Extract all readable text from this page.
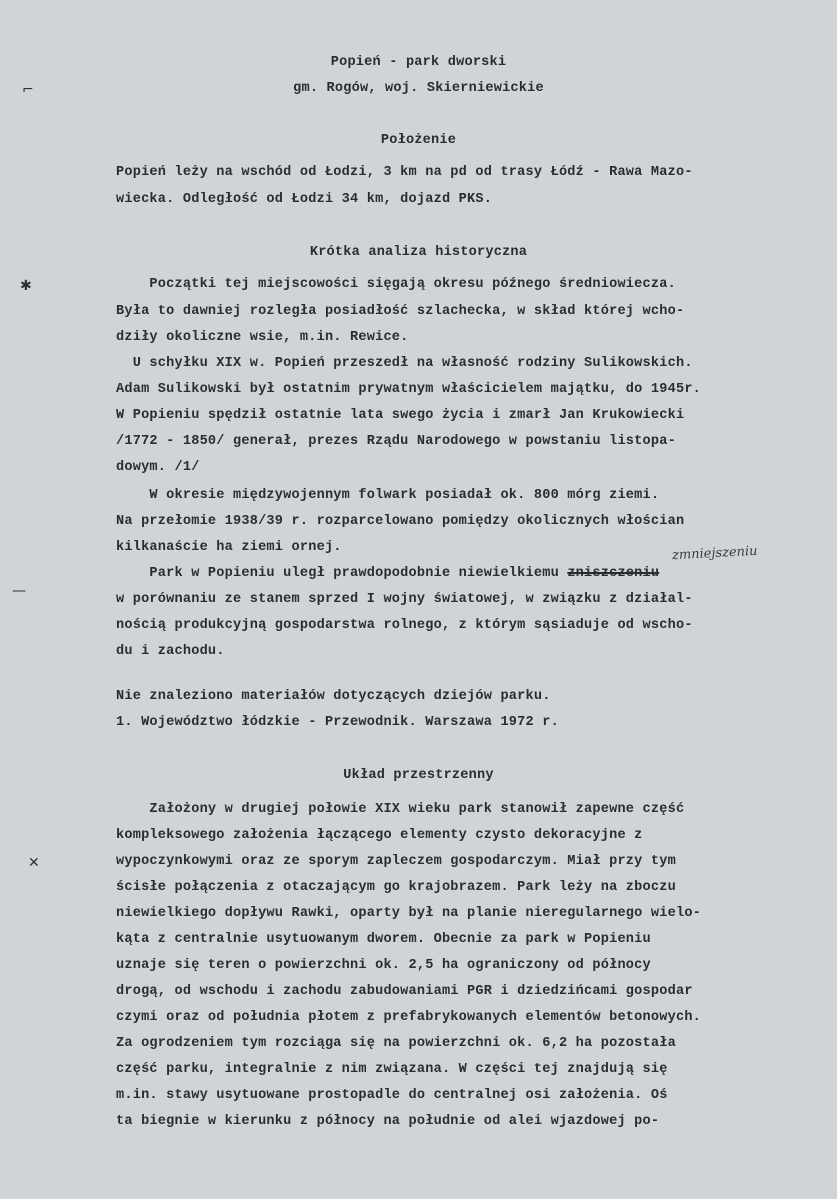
⌐
✱
—
✕
Popień - park dworski
gm. Rogów, woj. Skierniewickie
Położenie
Popień leży na wschód od Łodzi, 3 km na pd od trasy Łódź - Rawa Mazo-
wiecka. Odległość od Łodzi 34 km, dojazd PKS.
Krótka analiza historyczna
Początki tej miejscowości sięgają okresu późnego średniowiecza.
Była to dawniej rozległa posiadłość szlachecka, w skład której wcho-
dziły okoliczne wsie, m.in. Rewice.
U schyłku XIX w. Popień przeszedł na własność rodziny Sulikowskich.
Adam Sulikowski był ostatnim prywatnym właścicielem majątku, do 1945r.
W Popieniu spędził ostatnie lata swego życia i zmarł Jan Krukowiecki
/1772 - 1850/ generał, prezes Rządu Narodowego w powstaniu listopa-
dowym. /1/
W okresie międzywojennym folwark posiadał ok. 800 mórg ziemi.
Na przełomie 1938/39 r. rozparcelowano pomiędzy okolicznych włościan
kilkanaście ha ziemi ornej.	zmniejszeniu
Park w Popieniu uległ prawdopodobnie niewielkiemu zniszczeniu
w porównaniu ze stanem sprzed I wojny światowej, w związku z działal-
nością produkcyjną gospodarstwa rolnego, z którym sąsiaduje od wscho-
du i zachodu.
Nie znaleziono materiałów dotyczących dziejów parku.
1. Województwo łódzkie - Przewodnik. Warszawa 1972 r.
Układ przestrzenny
Założony w drugiej połowie XIX wieku park stanowił zapewne część
kompleksowego założenia łączącego elementy czysto dekoracyjne z
wypoczynkowymi oraz ze sporym zapleczem gospodarczym. Miał przy tym
ścisłe połączenia z otaczającym go krajobrazem. Park leży na zboczu
niewielkiego dopływu Rawki, oparty był na planie nieregularnego wielo-
kąta z centralnie usytuowanym dworem. Obecnie za park w Popieniu
uznaje się teren o powierzchni ok. 2,5 ha ograniczony od północy
drogą, od wschodu i zachodu zabudowaniami PGR i dziedzińcami gospodar
czymi oraz od południa płotem z prefabrykowanych elementów betonowych.
Za ogrodzeniem tym rozciąga się na powierzchni ok. 6,2 ha pozostała
część parku, integralnie z nim związana. W części tej znajdują się
m.in. stawy usytuowane prostopadle do centralnej osi założenia. Oś
ta biegnie w kierunku z północy na południe od alei wjazdowej po-
